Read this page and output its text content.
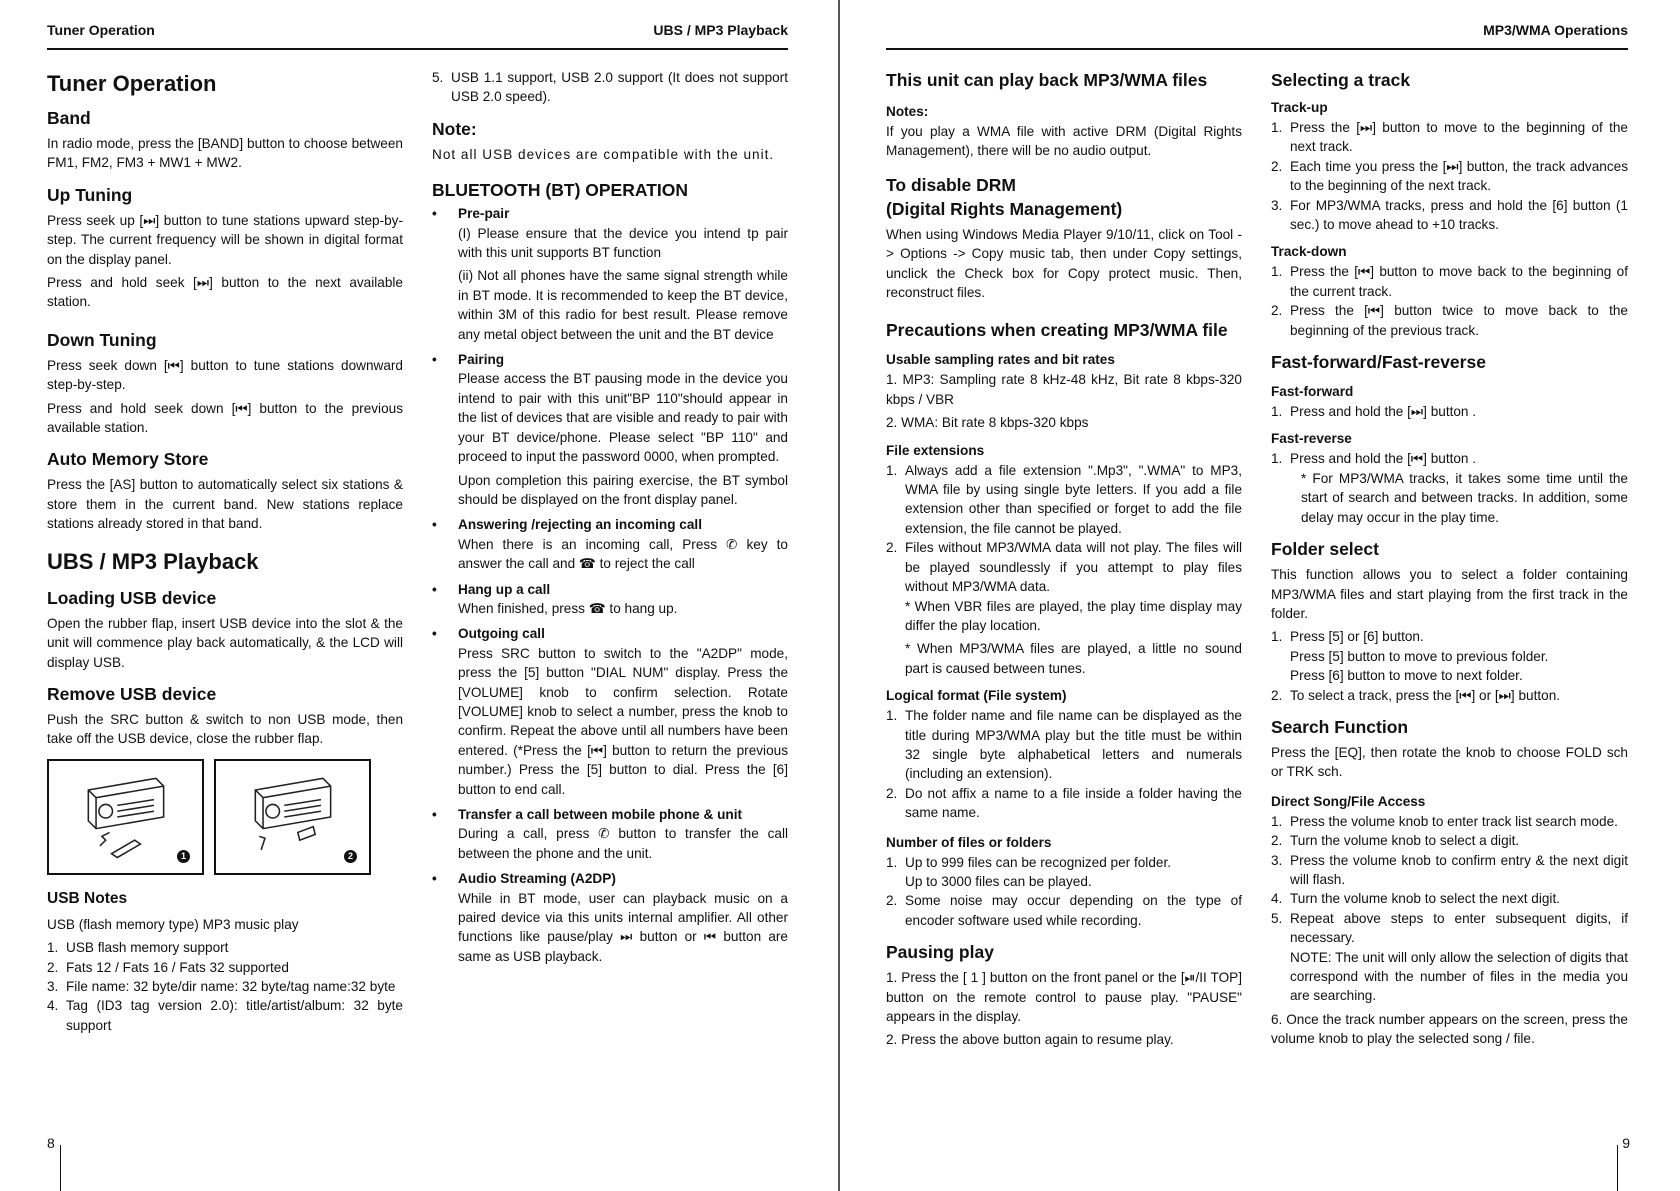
Tuner Operation	UBS / MP3 Playback
Tuner Operation
Band

In radio mode, press the [BAND] button to choose between FM1, FM2, FM3 + MW1 + MW2.

Up Tuning

Press seek up [⏭] button to tune stations upward step-by-step. The current frequency will be shown in digital format on the display panel.

Press and hold seek [⏭] button to the next available station.

Down Tuning

Press seek down [⏮] button to tune stations downward step-by-step.

Press and hold seek down [⏮] button to the previous available station.

Auto Memory Store

Press the [AS] button to automatically select six stations & store them in the current band. New stations replace stations already stored in that band.

UBS / MP3 Playback
Loading USB device

Open the rubber flap, insert USB device into the slot & the unit will commence play back automatically, & the LCD will display USB.

Remove USB device

Push the SRC button & switch to non USB mode, then take off the USB device, close the rubber flap.

1	2
USB Notes

USB (flash memory type) MP3 music play

1. USB flash memory support
2. Fats 12 / Fats 16 / Fats 32 supported
3. File name: 32 byte/dir name: 32 byte/tag name:32 byte
4. Tag (ID3 tag version 2.0): title/artist/album: 32 byte support
5. USB 1.1 support, USB 2.0 support (It does not support USB 2.0 speed).
Note:

Not all USB devices are compatible with the unit.

BLUETOOTH (BT) OPERATION
• Pre-pair

(I) Please ensure that the device you intend tp pair with this unit supports BT function

(ii) Not all phones have the same signal strength while in BT mode. It is recommended to keep the BT device, within 3M of this radio for best result. Please remove any metal object between the unit and the BT device

• Pairing

Please access the BT pausing mode in the device you intend to pair with this unit"BP 110"should appear in the list of devices that are visible and ready to pair with your BT device/phone. Please select "BP 110" and proceed to input the password 0000, when prompted.

Upon completion this pairing exercise, the BT symbol should be displayed on the front display panel.

• Answering /rejecting an incoming call

When there is an incoming call, Press ✆ key to answer the call and ☎ to reject the call

• Hang up a call

When finished, press ☎ to hang up.

• Outgoing call

Press SRC button to switch to the "A2DP" mode, press the [5] button "DIAL NUM" display. Press the [VOLUME] knob to confirm selection. Rotate [VOLUME] knob to select a number, press the knob to confirm. Repeat the above until all numbers have been entered. (*Press the [⏮] button to return the previous number.) Press the [5] button to dial. Press the [6] button to end call.

• Transfer a call between mobile phone & unit

During a call, press ✆ button to transfer the call between the phone and the unit.

• Audio Streaming (A2DP)

While in BT mode, user can playback music on a paired device via this units internal amplifier. All other functions like pause/play ⏭ button or ⏮ button are same as USB playback.

8
MP3/WMA Operations
This unit can play back MP3/WMA files
Notes:

If you play a WMA file with active DRM (Digital Rights Management), there will be no audio output.

To disable DRM
(Digital Rights Management)

When using Windows Media Player 9/10/11, click on Tool -> Options -> Copy music tab, then under Copy settings, unclick the Check box for Copy protect music. Then, reconstruct files.

Precautions when creating MP3/WMA file
Usable sampling rates and bit rates

1. MP3: Sampling rate 8 kHz-48 kHz, Bit rate 8 kbps-320 kbps / VBR

2. WMA: Bit rate 8 kbps-320 kbps

File extensions
1. Always add a file extension ".Mp3", ".WMA" to MP3, WMA file by using single byte letters. If you add a file extension other than specified or forget to add the file extension, the file cannot be played.
2. Files without MP3/WMA data will not play. The files will be played soundlessly if you attempt to play files without MP3/WMA data.

* When VBR files are played, the play time display may differ the play location.

* When MP3/WMA files are played, a little no sound part is caused between tunes.

Logical format (File system)
1. The folder name and file name can be displayed as the title during MP3/WMA play but the title must be within 32 single byte alphabetical letters and numerals (including an extension).
2. Do not affix a name to a file inside a folder having the same name.
Number of files or folders
1. Up to 999 files can be recognized per folder.
Up to 3000 files can be played.
2. Some noise may occur depending on the type of encoder software used while recording.
Pausing play

1. Press the [ 1 ] button on the front panel or the [⏯/II TOP] button on the remote control to pause play. "PAUSE" appears in the display.

2. Press the above button again to resume play.

Selecting a track
Track-up
1. Press the [⏭] button to move to the beginning of the next track.
2. Each time you press the [⏭] button, the track advances to the beginning of the next track.
3. For MP3/WMA tracks, press and hold the [6] button (1 sec.) to move ahead to +10 tracks.
Track-down
1. Press the [⏮] button to move back to the beginning of the current track.
2. Press the [⏮] button twice to move back to the beginning of the previous track.
Fast-forward/Fast-reverse
Fast-forward
1. Press and hold the [⏭] button .
Fast-reverse
1. Press and hold the [⏮] button .

* For MP3/WMA tracks, it takes some time until the start of search and between tracks. In addition, some delay may occur in the play time.

Folder select

This function allows you to select a folder containing MP3/WMA files and start playing from the first track in the folder.

1. Press [5] or [6] button.
Press [5] button to move to previous folder.
Press [6] button to move to next folder.
2. To select a track, press the [⏮] or [⏭] button.
Search Function

Press the [EQ], then rotate the knob to choose FOLD sch or TRK sch.

Direct Song/File Access
1. Press the volume knob to enter track list search mode.
2. Turn the volume knob to select a digit.
3. Press the volume knob to confirm entry & the next digit will flash.
4. Turn the volume knob to select the next digit.
5. Repeat above steps to enter subsequent digits, if necessary.

NOTE: The unit will only allow the selection of digits that correspond with the number of files in the media you are searching.

6. Once the track number appears on the screen, press the volume knob to play the selected song / file.

9
